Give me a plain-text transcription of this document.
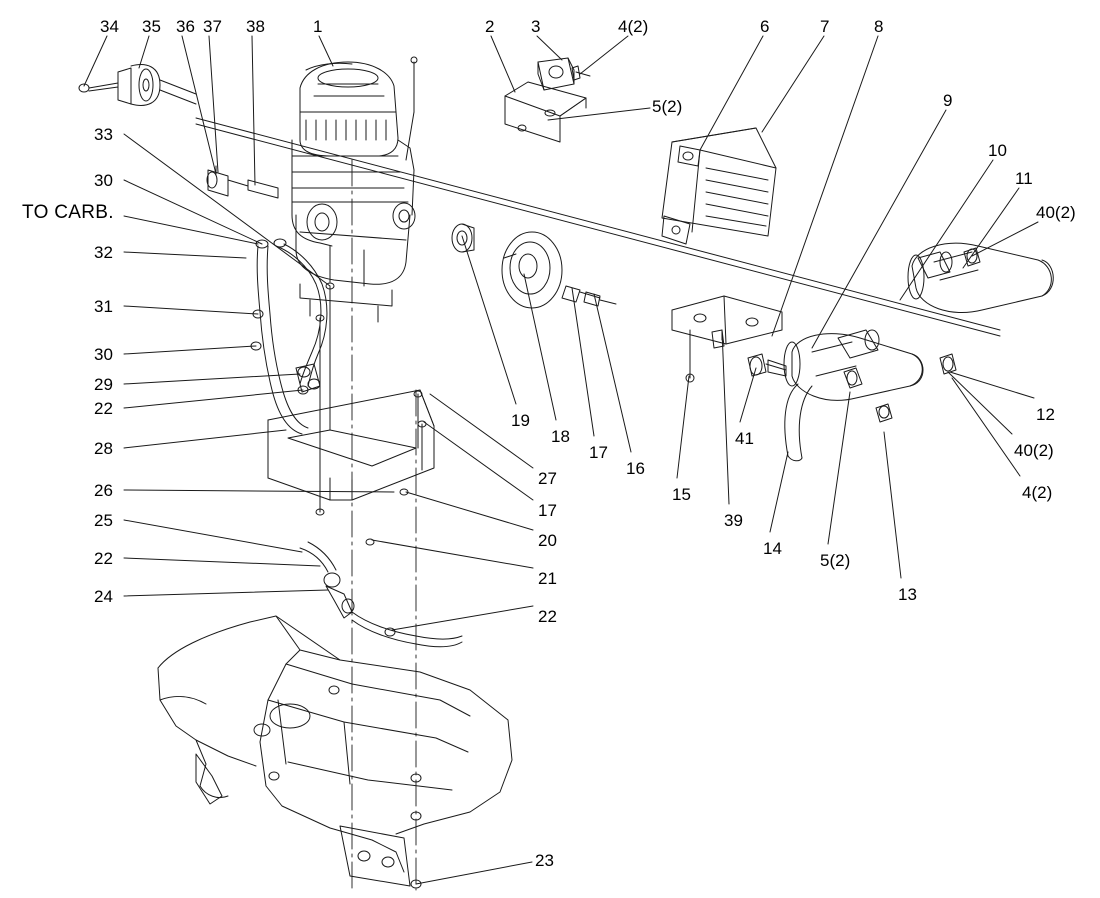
TO CARB.
34 35 36 37 38	1	2 3	4(2)
5(2)
6	7	8
9
10
11
40(2)
33
30
32
31
30
29
22
28
26
25
22
24
19
18
17
16
27
17
20
21
22
15
39
41
14
5(2)
13
12
40(2)
4(2)
23
